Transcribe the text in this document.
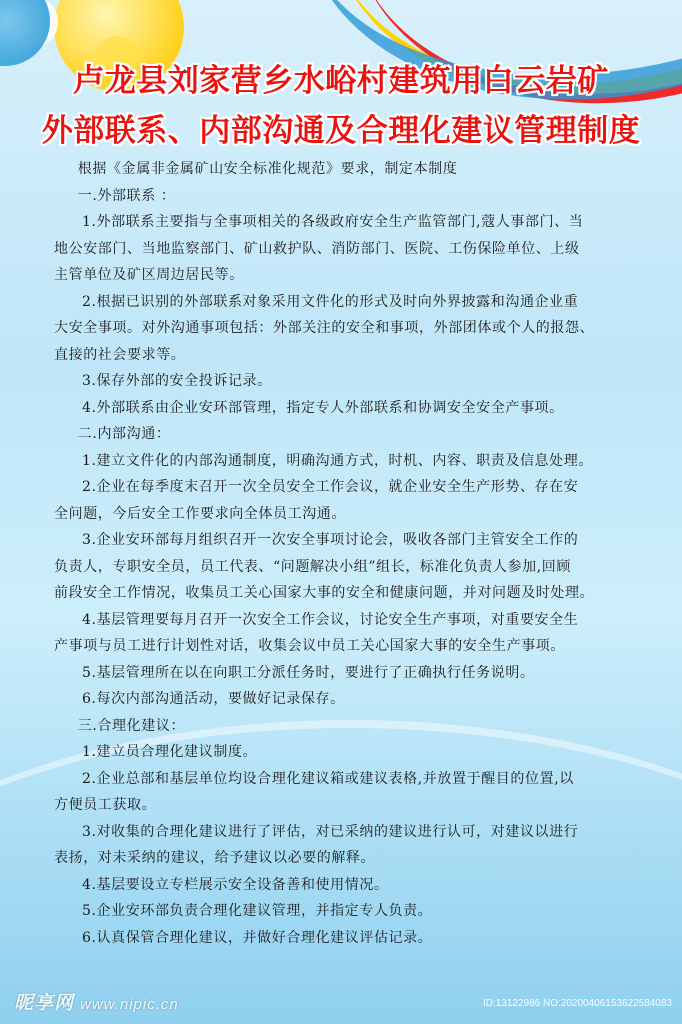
卢龙县刘家营乡水峪村建筑用白云岩矿
外部联系、内部沟通及合理化建议管理制度

根据《金属非金属矿山安全标准化规范》要求，制定本制度

一.外部联系 ：

1.外部联系主要指与全事项相关的各级政府安全生产监管部门,蔻人事部门、当

地公安部门、当地监察部门、矿山救护队、消防部门、医院、工伤保险单位、上级

主管单位及矿区周边居民等。

2.根据已识别的外部联系对象采用文件化的形式及时向外界披露和沟通企业重

大安全事项。对外沟通事项包括：外部关注的安全和事项，外部团体或个人的报怨、

直接的社会要求等。

3.保存外部的安全投诉记录。

4.外部联系由企业安环部管理，指定专人外部联系和协调安全安全产事项。

二.内部沟通：

1.建立文件化的内部沟通制度，明确沟通方式，时机、内容、职责及信息处理。

2.企业在每季度末召开一次全员安全工作会议，就企业安全生产形势、存在安

全问题，今后安全工作要求向全体员工沟通。

3.企业安环部每月组织召开一次安全事项讨论会，吸收各部门主管安全工作的

负责人，专职安全员，员工代表、“问题解决小组”组长，标准化负责人参加,回顾

前段安全工作情况，收集员工关心国家大事的安全和健康问题，并对问题及时处理。

4.基层管理要每月召开一次安全工作会议，讨论安全生产事项，对重要安全生

产事项与员工进行计划性对话，收集会议中员工关心国家大事的安全生产事项。

5.基层管理所在以在向职工分派任务时，要进行了正确执行任务说明。

6.每次内部沟通活动，要做好记录保存。

三.合理化建议：

1.建立员合理化建议制度。

2.企业总部和基层单位均设合理化建议箱或建议表格,并放置于醒目的位置,以

方便员工获取。

3.对收集的合理化建议进行了评估，对已采纳的建议进行认可，对建议以进行

表扬，对未采纳的建议，给予建议以必要的解释。

4.基层要设立专栏展示安全设备善和使用情况。

5.企业安环部负责合理化建议管理，并指定专人负责。

6.认真保管合理化建议，并做好合理化建议评估记录。

昵享网 www.nipic.cn	ID:13122986 NO:20200406153622584083
